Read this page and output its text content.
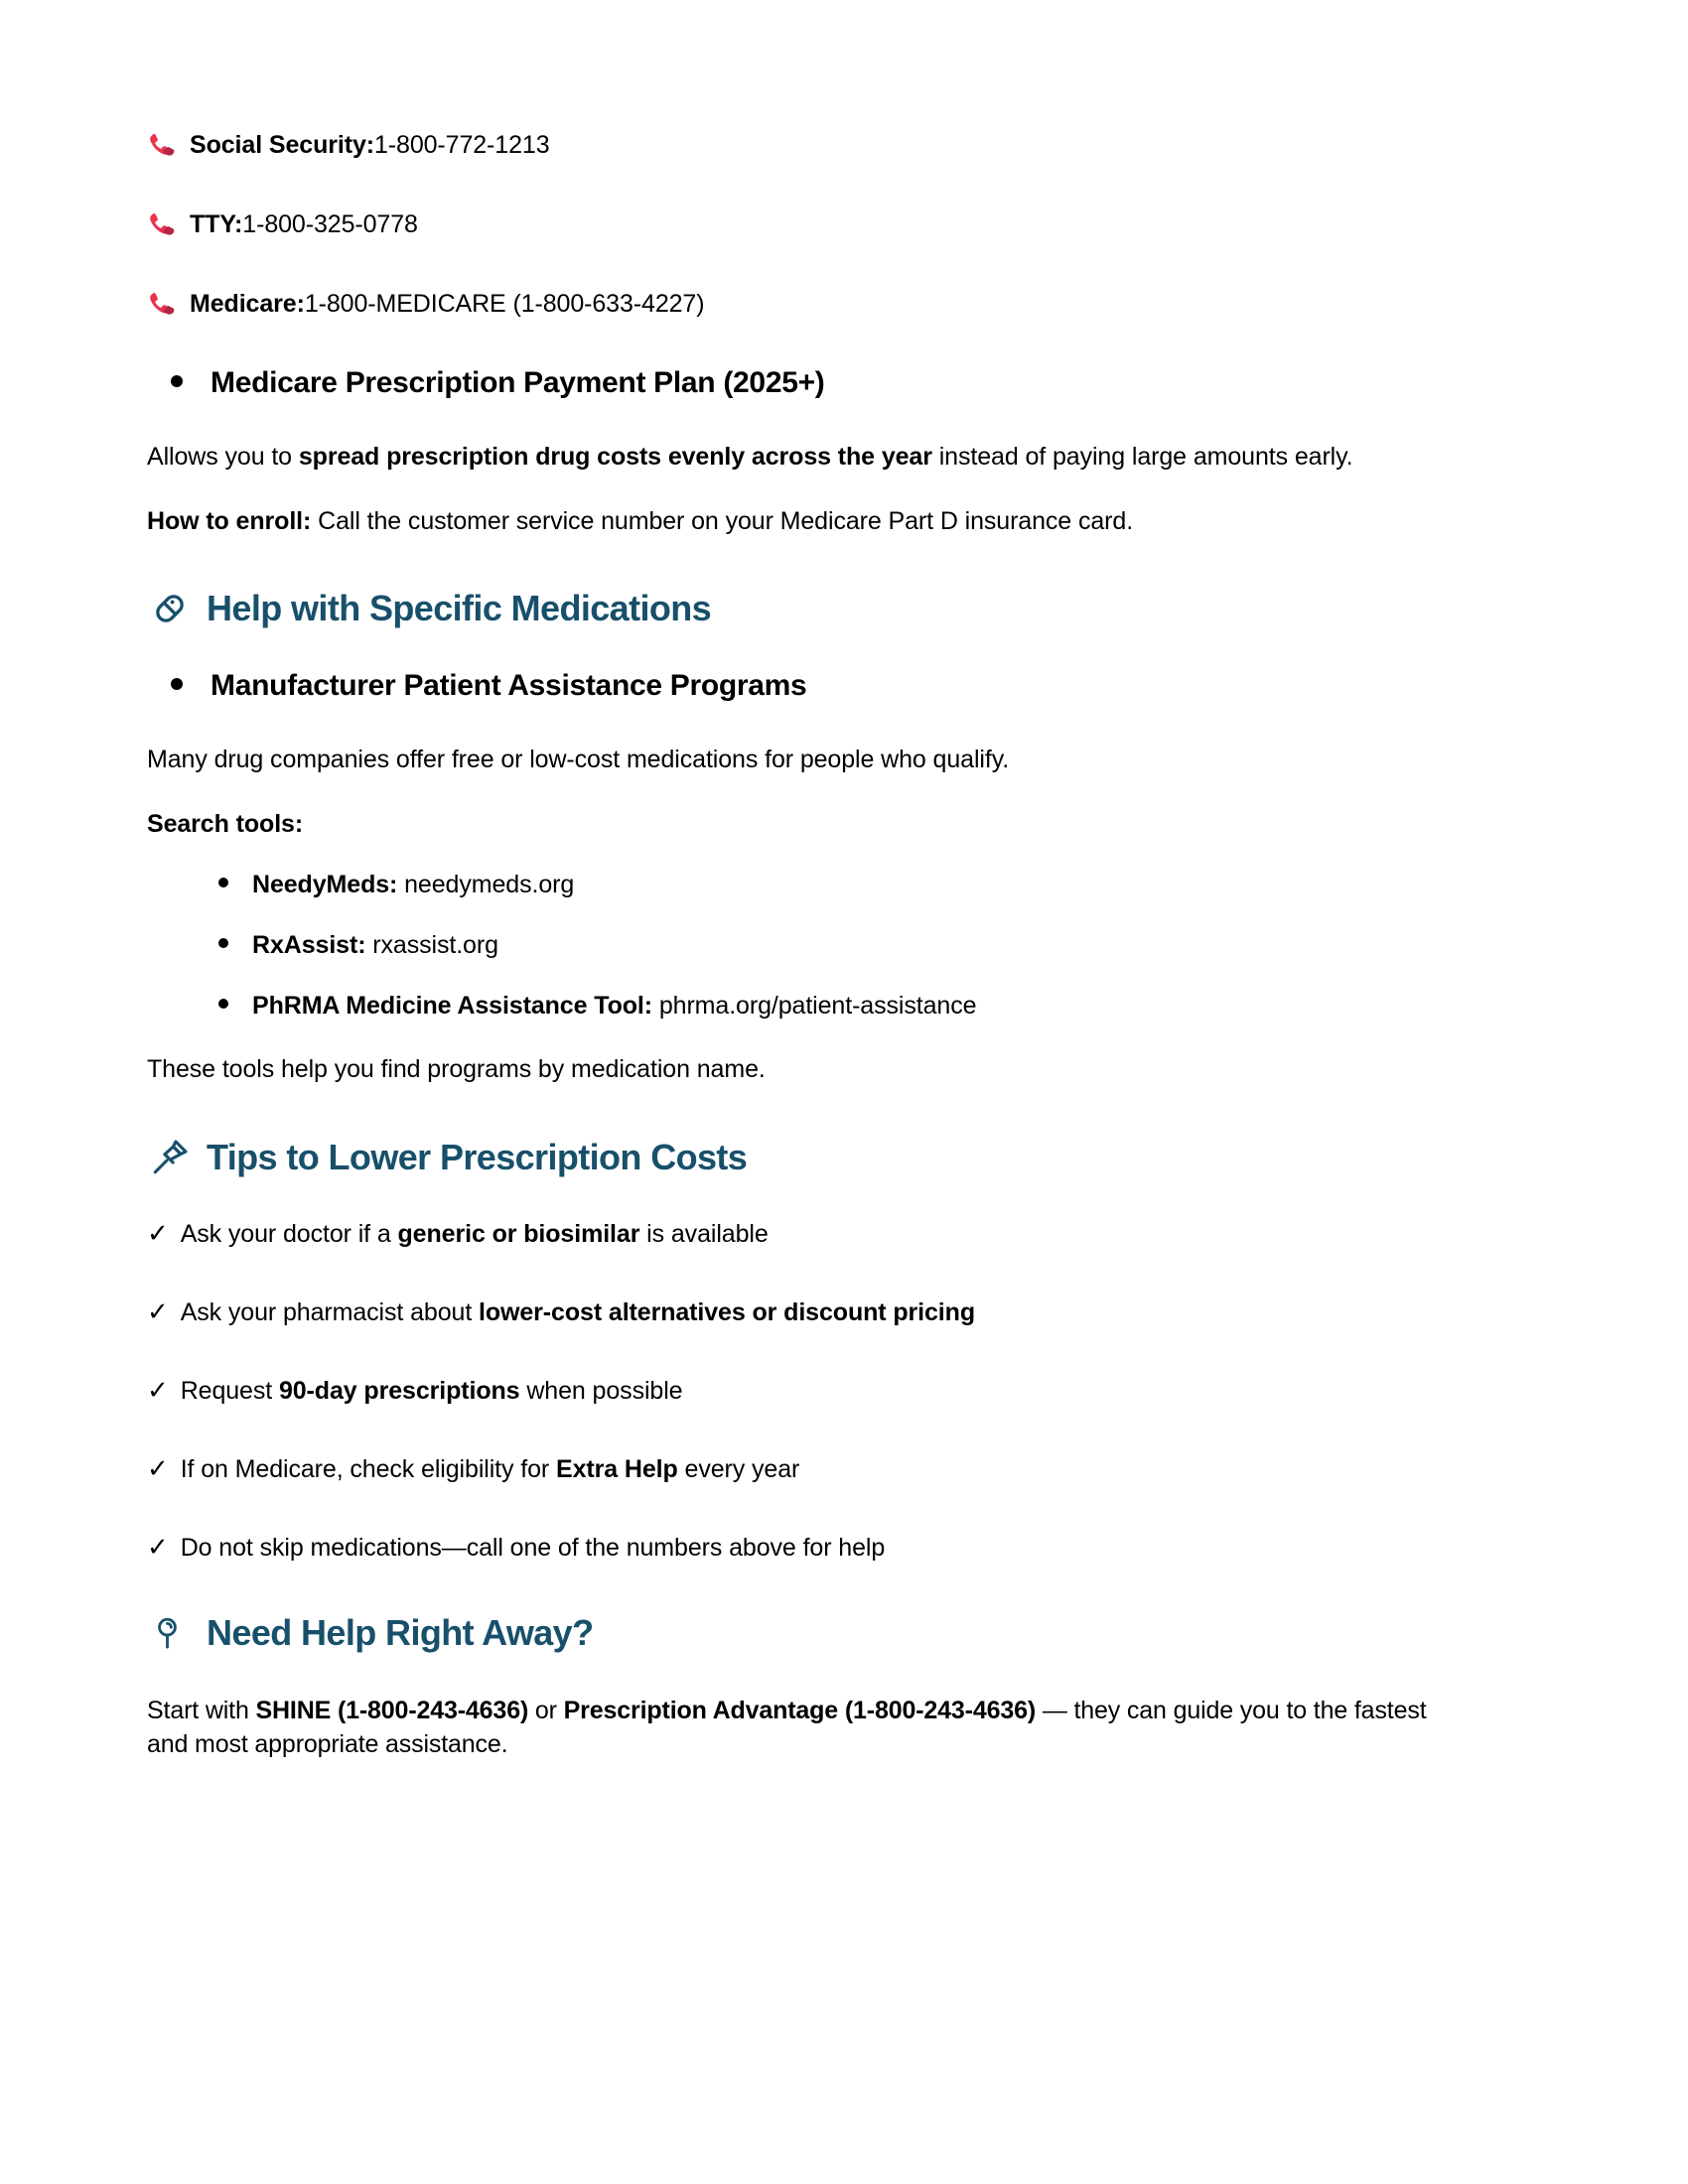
Social Security: 1-800-772-1213
TTY: 1-800-325-0778
Medicare: 1-800-MEDICARE (1-800-633-4227)
Medicare Prescription Payment Plan (2025+)

Allows you to spread prescription drug costs evenly across the year instead of paying large amounts early.

How to enroll: Call the customer service number on your Medicare Part D insurance card.

Help with Specific Medications
Manufacturer Patient Assistance Programs

Many drug companies offer free or low-cost medications for people who qualify.

Search tools:

NeedyMeds: needymeds.org
RxAssist: rxassist.org
PhRMA Medicine Assistance Tool: phrma.org/patient-assistance

These tools help you find programs by medication name.

Tips to Lower Prescription Costs
✓ Ask your doctor if a generic or biosimilar is available
✓ Ask your pharmacist about lower-cost alternatives or discount pricing
✓ Request 90-day prescriptions when possible
✓ If on Medicare, check eligibility for Extra Help every year
✓ Do not skip medications—call one of the numbers above for help
Need Help Right Away?

Start with SHINE (1-800-243-4636) or Prescription Advantage (1-800-243-4636) — they can guide you to the fastest and most appropriate assistance.
